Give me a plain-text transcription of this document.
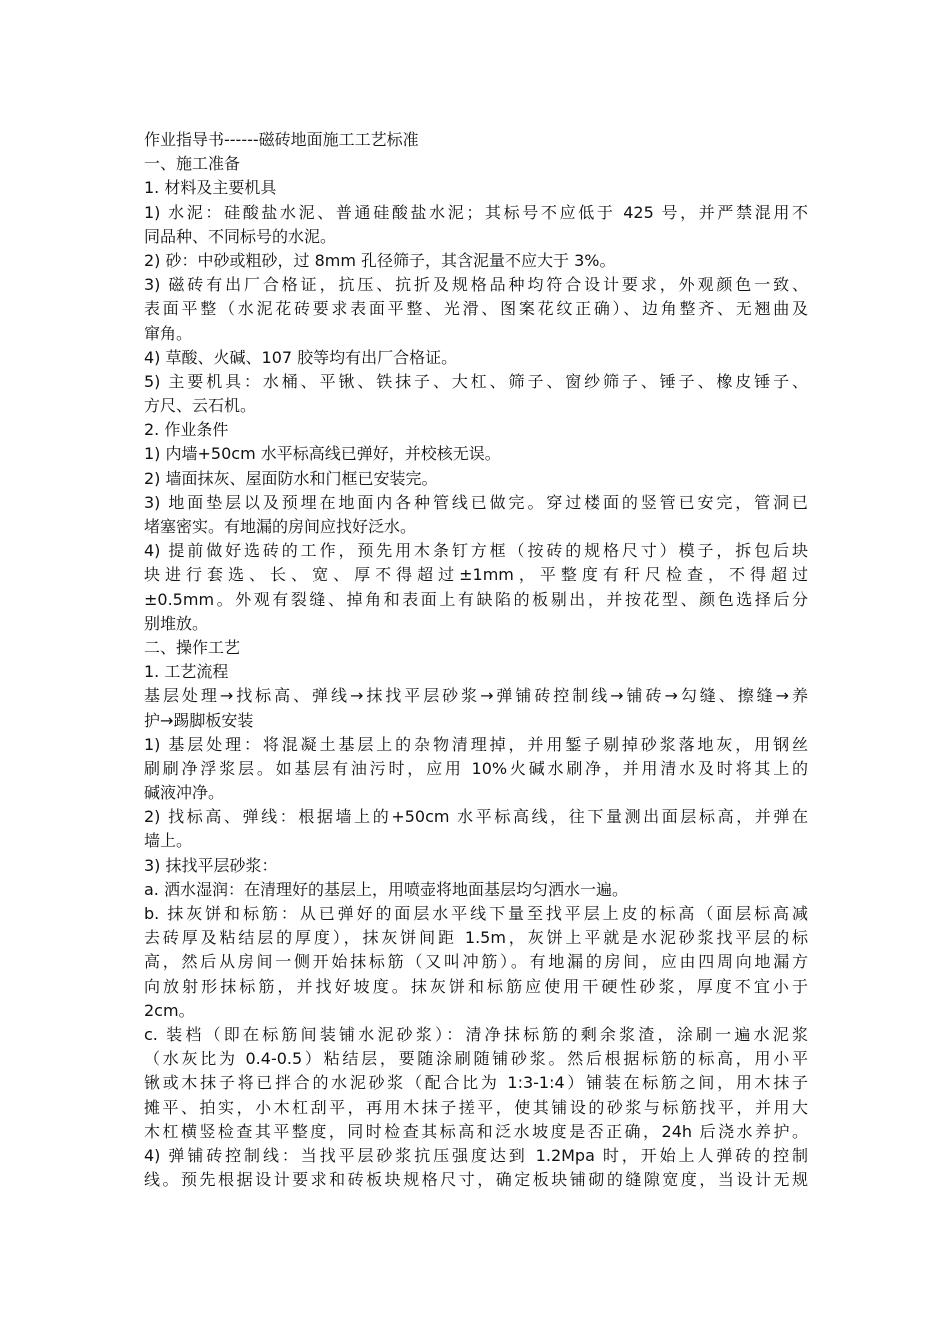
作业指导书------磁砖地面施工工艺标准
一、施工准备
1. 材料及主要机具
1) 水泥：硅酸盐水泥、普通硅酸盐水泥；其标号不应低于 425 号，并严禁混用不
同品种、不同标号的水泥。
2) 砂：中砂或粗砂，过 8mm 孔径筛子，其含泥量不应大于 3%。
3) 磁砖有出厂合格证，抗压、抗折及规格品种均符合设计要求，外观颜色一致、
表面平整（水泥花砖要求表面平整、光滑、图案花纹正确）、边角整齐、无翘曲及
窜角。
4) 草酸、火碱、107 胶等均有出厂合格证。
5) 主要机具：水桶、平锹、铁抹子、大杠、筛子、窗纱筛子、锤子、橡皮锤子、
方尺、云石机。
2. 作业条件
1) 内墙+50cm 水平标高线已弹好，并校核无误。
2) 墙面抹灰、屋面防水和门框已安装完。
3) 地面垫层以及预埋在地面内各种管线已做完。穿过楼面的竖管已安完，管洞已
堵塞密实。有地漏的房间应找好泛水。
4) 提前做好选砖的工作，预先用木条钉方框（按砖的规格尺寸）模子，拆包后块
块进行套选、长、宽、厚不得超过±1mm，平整度有秆尺检查，不得超过
±0.5mm。外观有裂缝、掉角和表面上有缺陷的板剔出，并按花型、颜色选择后分
别堆放。
二、操作工艺
1. 工艺流程
基层处理→找标高、弹线→抹找平层砂浆→弹铺砖控制线→铺砖→勾缝、擦缝→养
护→踢脚板安装
1) 基层处理：将混凝土基层上的杂物清理掉，并用錾子剔掉砂浆落地灰，用钢丝
刷刷净浮浆层。如基层有油污时，应用 10%火碱水刷净，并用清水及时将其上的
碱液冲净。
2) 找标高、弹线：根据墙上的+50cm 水平标高线，往下量测出面层标高，并弹在
墙上。
3) 抹找平层砂浆：
a. 洒水湿润：在清理好的基层上，用喷壶将地面基层均匀洒水一遍。
b. 抹灰饼和标筋：从已弹好的面层水平线下量至找平层上皮的标高（面层标高减
去砖厚及粘结层的厚度），抹灰饼间距 1.5m，灰饼上平就是水泥砂浆找平层的标
高，然后从房间一侧开始抹标筋（又叫冲筋）。有地漏的房间，应由四周向地漏方
向放射形抹标筋，并找好坡度。抹灰饼和标筋应使用干硬性砂浆，厚度不宜小于
2cm。
c. 装档（即在标筋间装铺水泥砂浆）：清净抹标筋的剩余浆渣，涂刷一遍水泥浆
（水灰比为 0.4-0.5）粘结层，要随涂刷随铺砂浆。然后根据标筋的标高，用小平
锹或木抹子将已拌合的水泥砂浆（配合比为 1:3-1:4）铺装在标筋之间，用木抹子
摊平、拍实，小木杠刮平，再用木抹子搓平，使其铺设的砂浆与标筋找平，并用大
木杠横竖检查其平整度，同时检查其标高和泛水坡度是否正确，24h 后浇水养护。
4) 弹铺砖控制线：当找平层砂浆抗压强度达到 1.2Mpa 时，开始上人弹砖的控制
线。预先根据设计要求和砖板块规格尺寸，确定板块铺砌的缝隙宽度，当设计无规
